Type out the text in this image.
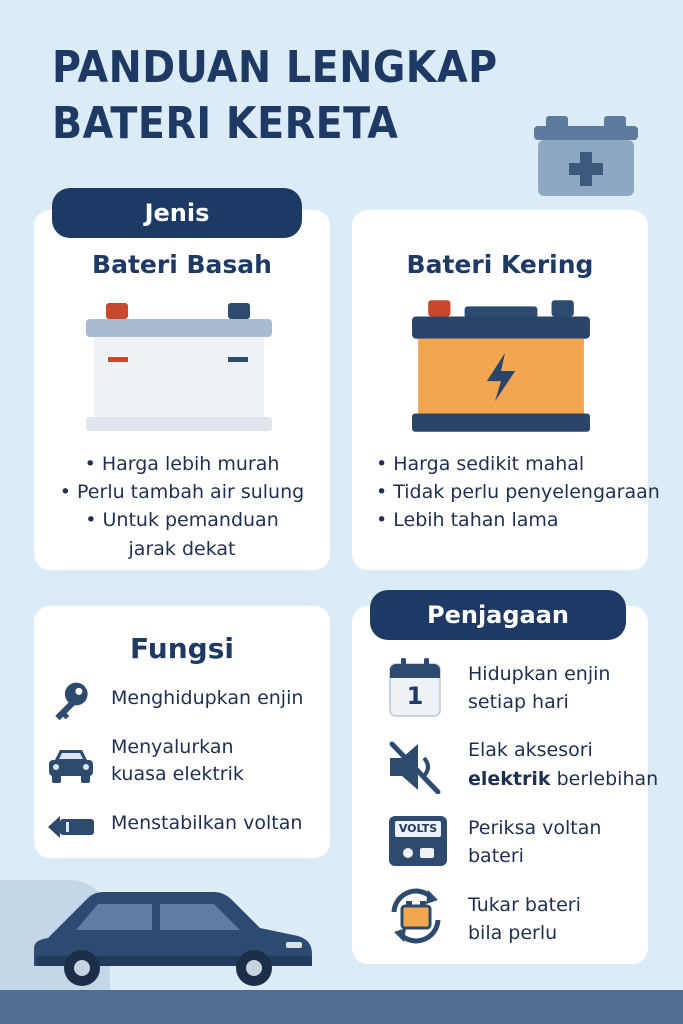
PANDUAN LENGKAP
BATERI KERETA
Jenis
Bateri Basah
• Harga lebih murah
• Perlu tambah air sulung
• Untuk pemanduan
jarak dekat
Bateri Kering
• Harga sedikit mahal
• Tidak perlu penyelengaraan
• Lebih tahan lama
Fungsi
Menghidupkan enjin
Menyalurkan
kuasa elektrik
Menstabilkan voltan
Penjagaan
1
Hidupkan enjin
setiap hari
Elak aksesori
elektrik berlebihan
VOLTS Periksa voltan
bateri
Tukar bateri
bila perlu
